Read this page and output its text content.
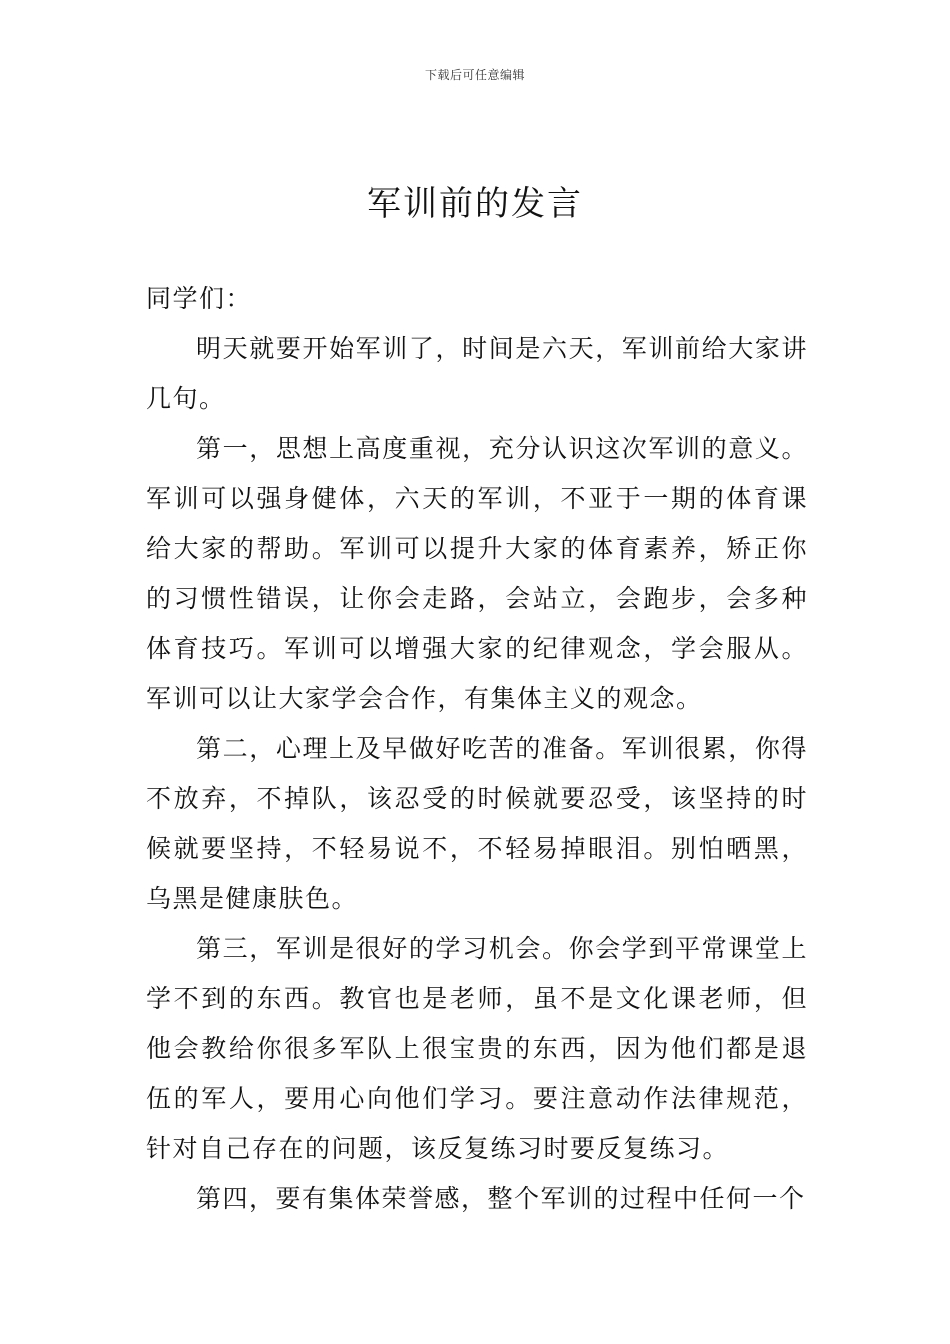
下载后可任意编辑
军训前的发言

同学们：

明天就要开始军训了，时间是六天，军训前给大家讲几句。

第一，思想上高度重视，充分认识这次军训的意义。军训可以强身健体，六天的军训，不亚于一期的体育课给大家的帮助。军训可以提升大家的体育素养，矫正你的习惯性错误，让你会走路，会站立，会跑步，会多种体育技巧。军训可以增强大家的纪律观念，学会服从。军训可以让大家学会合作，有集体主义的观念。

第二，心理上及早做好吃苦的准备。军训很累，你得不放弃，不掉队，该忍受的时候就要忍受，该坚持的时候就要坚持，不轻易说不，不轻易掉眼泪。别怕晒黑，乌黑是健康肤色。

第三，军训是很好的学习机会。你会学到平常课堂上学不到的东西。教官也是老师，虽不是文化课老师，但他会教给你很多军队上很宝贵的东西，因为他们都是退伍的军人，要用心向他们学习。要注意动作法律规范，针对自己存在的问题，该反复练习时要反复练习。

第四，要有集体荣誉感，整个军训的过程中任何一个
